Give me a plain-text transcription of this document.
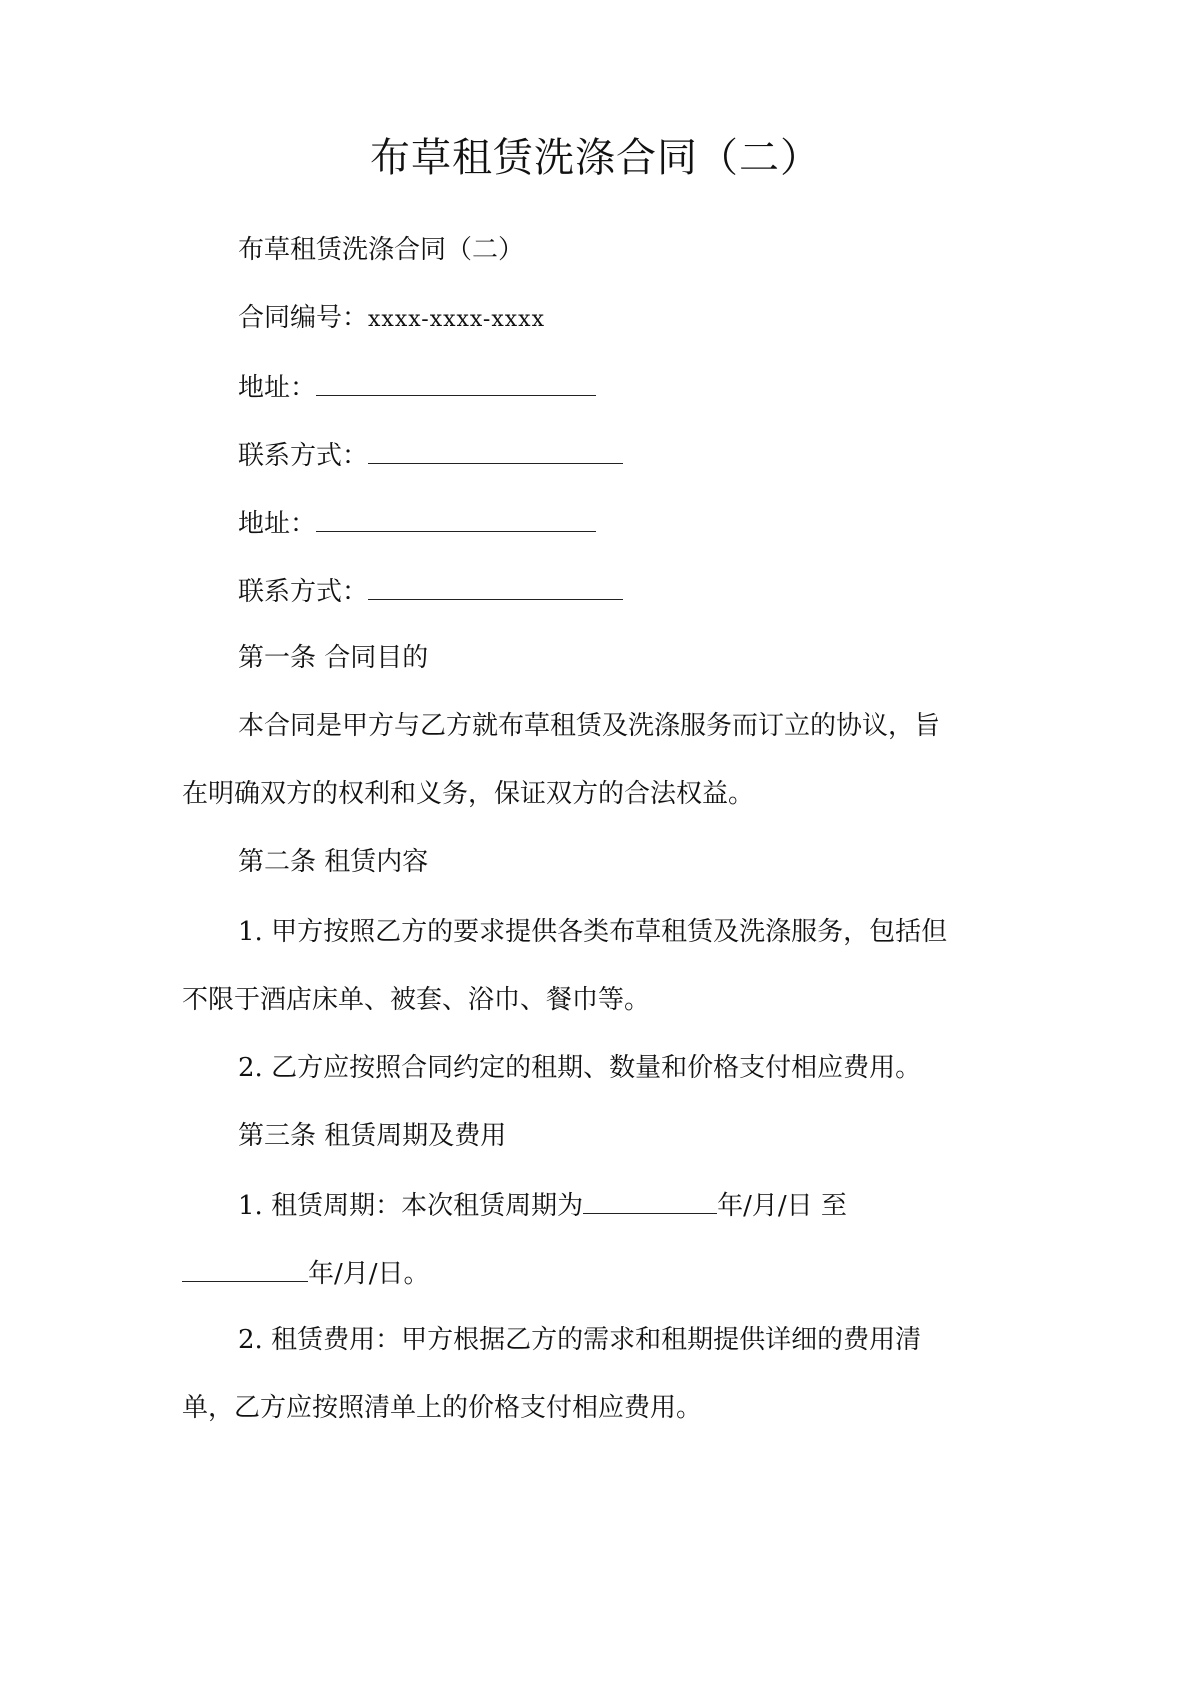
布草租赁洗涤合同（二）
布草租赁洗涤合同（二）
合同编号：xxxx-xxxx-xxxx
地址：
联系方式：
地址：
联系方式：
第一条 合同目的
本合同是甲方与乙方就布草租赁及洗涤服务而订立的协议，旨
在明确双方的权利和义务，保证双方的合法权益。
第二条 租赁内容
1. 甲方按照乙方的要求提供各类布草租赁及洗涤服务，包括但
不限于酒店床单、被套、浴巾、餐巾等。
2. 乙方应按照合同约定的租期、数量和价格支付相应费用。
第三条 租赁周期及费用
1. 租赁周期：本次租赁周期为	年/月/日 至
年/月/日。
2. 租赁费用：甲方根据乙方的需求和租期提供详细的费用清
单，乙方应按照清单上的价格支付相应费用。
